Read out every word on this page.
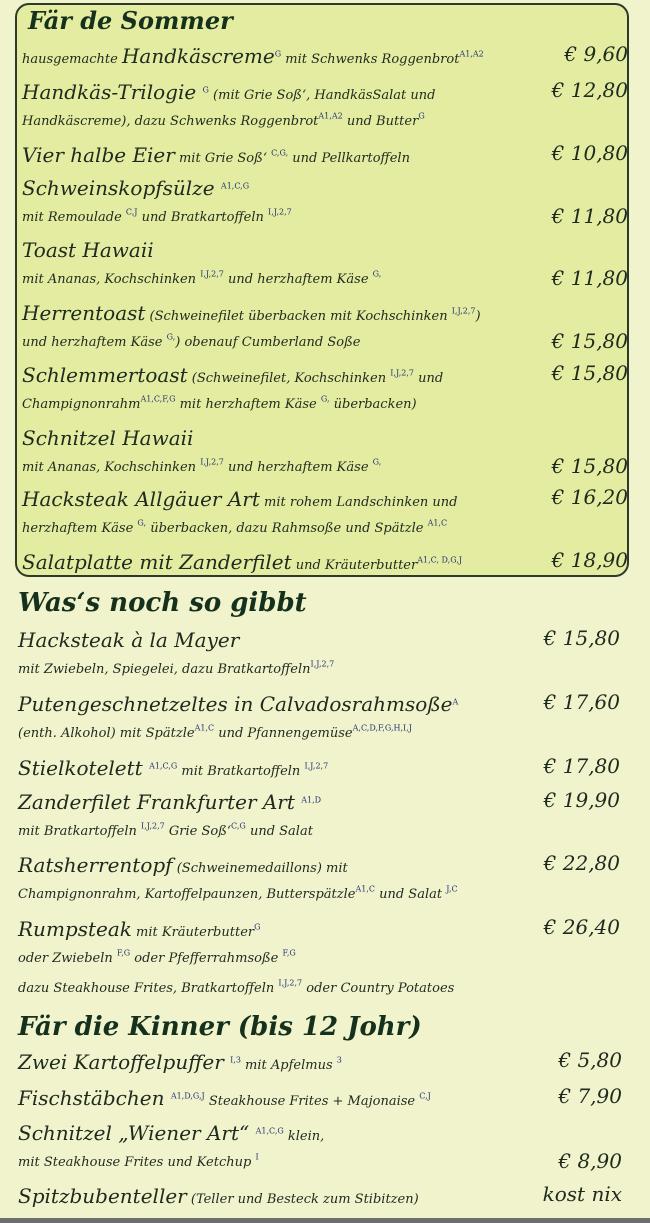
Fär de Sommer
Was‘s noch so gibbt
Fär die Kinner (bis 12 Johr)
hausgemachte Handkäscreme$^G$ mit Schwenks Roggenbrot$^{A1,A2}$	€ 9,60
Handkäs-Trilogie $^G$ (mit Grie Soß‘, HandkäsSalat und
Handkäscreme), dazu Schwenks Roggenbrot$^{A1,A2}$ und Butter$^G$
€ 12,80
Vier halbe Eier mit Grie Soß‘ $^{C,G,}$ und Pellkartoffeln	€ 10,80
Schweinskopfsülze $^{A1,C,G}$
mit Remoulade $^{C,J}$ und Bratkartoffeln $^{I,J,2,7}$	€ 11,80
Toast Hawaii
mit Ananas, Kochschinken $^{I,J,2,7}$ und herzhaftem Käse $^{G,}$	€ 11,80
Herrentoast (Schweinefilet überbacken mit Kochschinken $^{I,J,2,7}$)
und herzhaftem Käse $^{G,}$) obenauf Cumberland Soße	€ 15,80
Schlemmertoast (Schweinefilet, Kochschinken $^{I,J,2,7}$ und
Champignonrahm$^{A1,C,F,G}$ mit herzhaftem Käse $^{G,}$ überbacken)
€ 15,80
Schnitzel Hawaii
mit Ananas, Kochschinken $^{I,J,2,7}$ und herzhaftem Käse $^{G,}$	€ 15,80
Hacksteak Allgäuer Art mit rohem Landschinken und
herzhaftem Käse $^{G,}$ überbacken, dazu Rahmsoße und Spätzle $^{A1,C}$
€ 16,20
Salatplatte mit Zanderfilet und Kräuterbutter$^{A1,C, D,G,J}$	€ 18,90
Hacksteak à la Mayer
mit Zwiebeln, Spiegelei, dazu Bratkartoffeln$^{I,J,2,7}$
€ 15,80
Putengeschnetzeltes in Calvadosrahmsoße$^A$
(enth. Alkohol) mit Spätzle$^{A1,C}$ und Pfannengemüse$^{A,C,D,F,G,H,I,J}$
€ 17,60
Stielkotelett $^{A1,C,G}$ mit Bratkartoffeln $^{I,J,2,7}$	€ 17,80
Zanderfilet Frankfurter Art $^{A1,D}$
mit Bratkartoffeln $^{I,J,2,7}$ Grie Soß‘$^{C,G}$ und Salat
€ 19,90
Ratsherrentopf (Schweinemedaillons) mit
Champignonrahm, Kartoffelpaunzen, Butterspätzle$^{A1,C}$ und Salat $^{J,C}$
€ 22,80
Rumpsteak mit Kräuterbutter$^G$
oder Zwiebeln $^{F,G}$ oder Pfefferrahmsoße $^{F,G}$
dazu Steakhouse Frites, Bratkartoffeln $^{I,J,2,7}$ oder Country Potatoes
€ 26,40
Zwei Kartoffelpuffer $^{I,3}$ mit Apfelmus $^3$	€ 5,80
Fischstäbchen $^{A1,D,G,J}$ Steakhouse Frites + Majonaise $^{C,J}$	€ 7,90
Schnitzel „Wiener Art“ $^{A1,C,G}$ klein,
mit Steakhouse Frites und Ketchup $^I$	€ 8,90
Spitzbubenteller (Teller und Besteck zum Stibitzen)	kost nix
